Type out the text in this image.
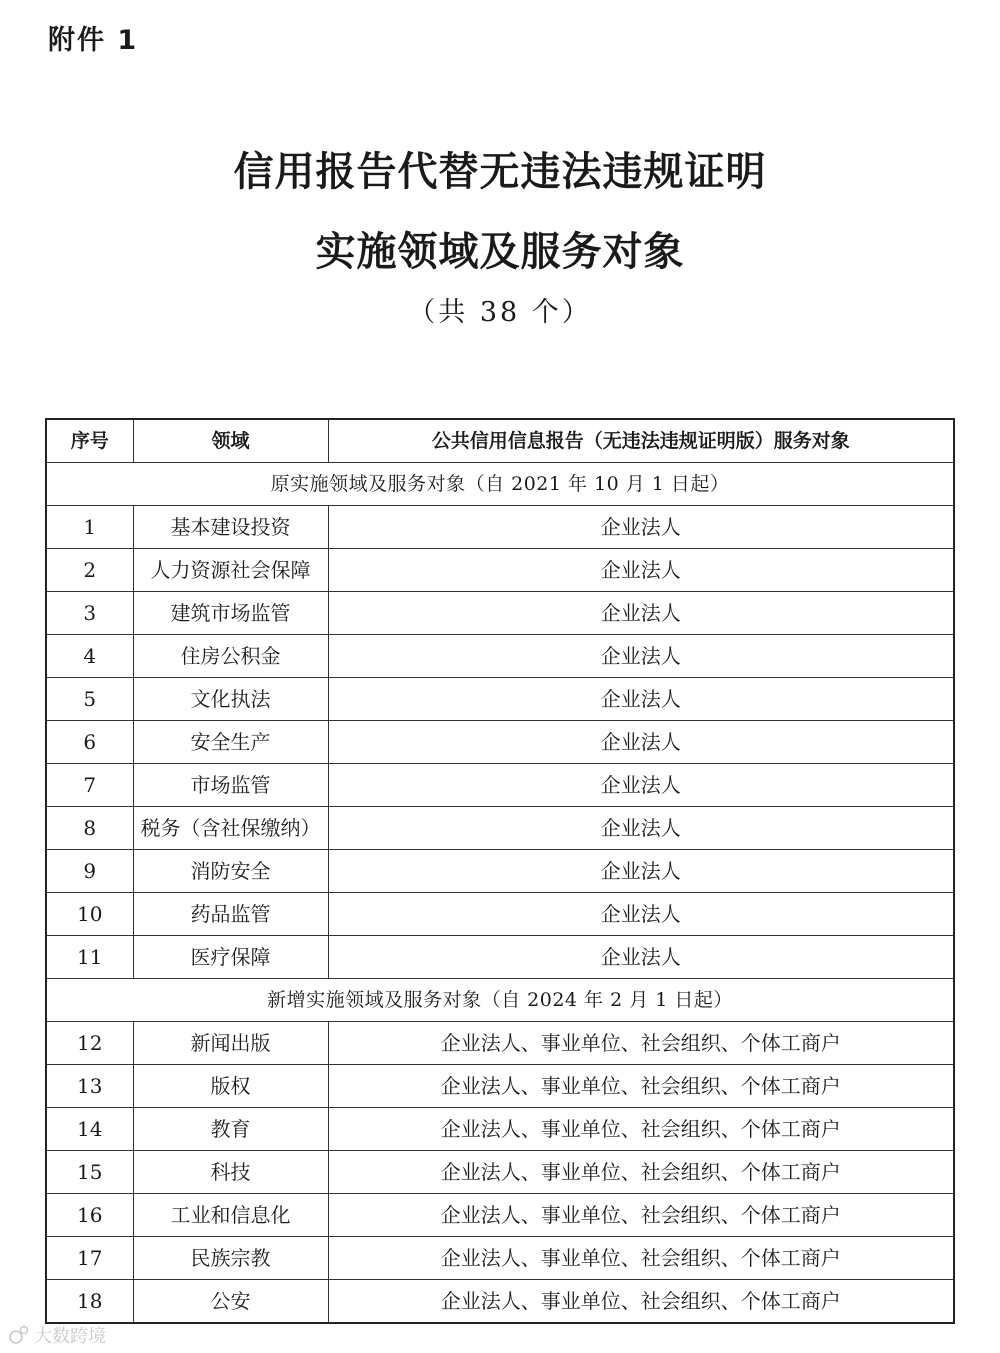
附件 1
信用报告代替无违法违规证明
实施领域及服务对象
（共 38 个）
序号	领域	公共信用信息报告（无违法违规证明版）服务对象
原实施领域及服务对象（自 2021 年 10 月 1 日起）		
1	基本建设投资	企业法人
2	人力资源社会保障	企业法人
3	建筑市场监管	企业法人
4	住房公积金	企业法人
5	文化执法	企业法人
6	安全生产	企业法人
7	市场监管	企业法人
8	税务（含社保缴纳）	企业法人
9	消防安全	企业法人
10	药品监管	企业法人
11	医疗保障	企业法人
新增实施领域及服务对象（自 2024 年 2 月 1 日起）		
12	新闻出版	企业法人、事业单位、社会组织、个体工商户
13	版权	企业法人、事业单位、社会组织、个体工商户
14	教育	企业法人、事业单位、社会组织、个体工商户
15	科技	企业法人、事业单位、社会组织、个体工商户
16	工业和信息化	企业法人、事业单位、社会组织、个体工商户
17	民族宗教	企业法人、事业单位、社会组织、个体工商户
18	公安	企业法人、事业单位、社会组织、个体工商户
大数跨境
